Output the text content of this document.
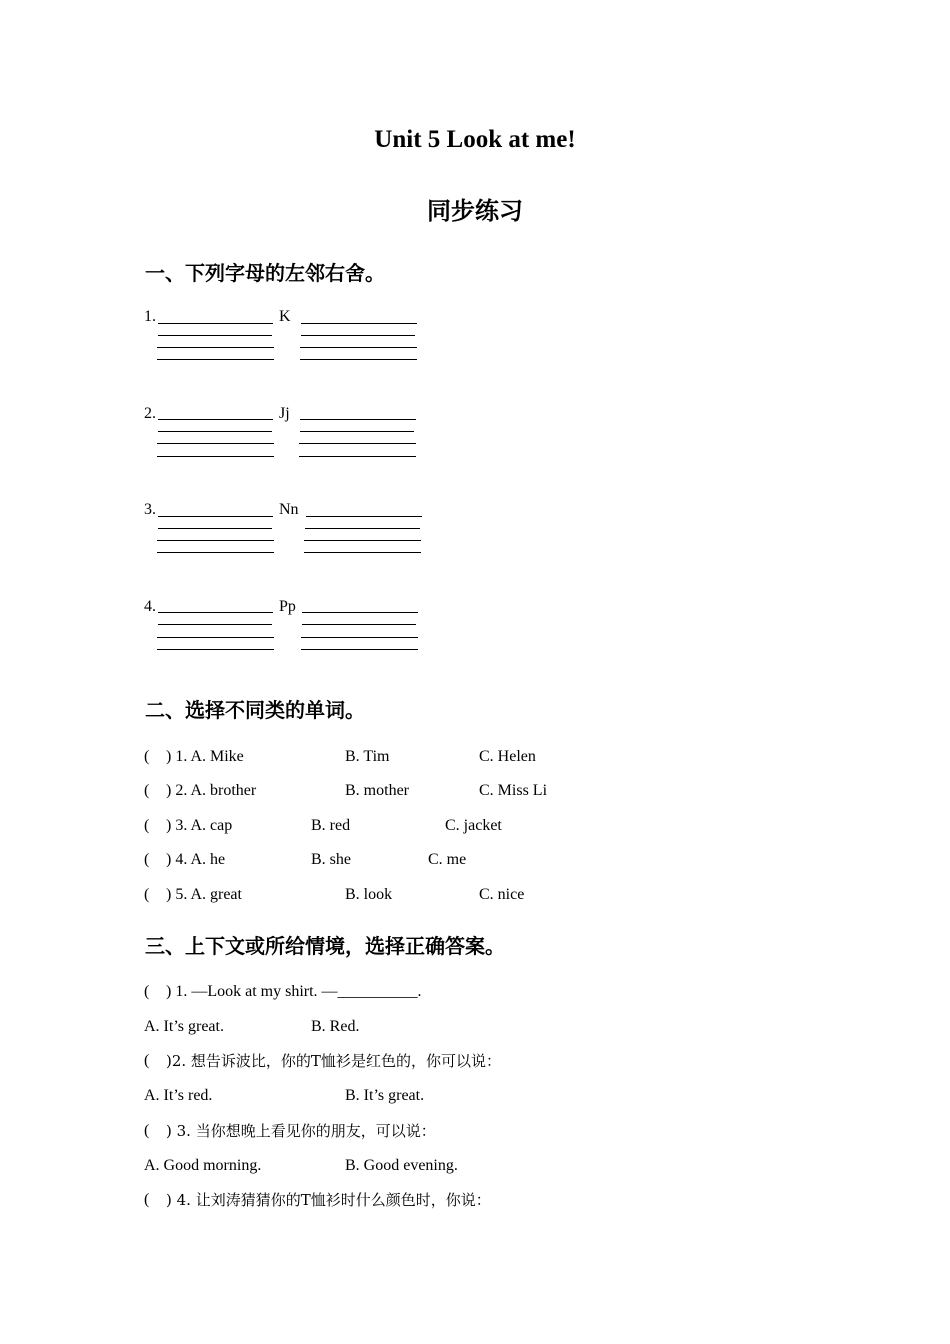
Unit 5 Look at me!
同步练习
一、下列字母的左邻右舍。
1.	K
2.	Jj
3.	Nn
4.	Pp
二、选择不同类的单词。
( ) 1. A. Mike	B. Tim	C. Helen
( ) 2. A. brother	B. mother	C. Miss Li
( ) 3. A. cap	B. red	C. jacket
( ) 4. A. he	B. she	C. me
( ) 5. A. great	B. look	C. nice
三、上下文或所给情境，选择正确答案。
( ) 1. —Look at my shirt. —__________.
A. It’s great.	B. Red.
( )2. 想告诉波比，你的T恤衫是红色的，你可以说：
A. It’s red.	B. It’s great.
( ) 3. 当你想晚上看见你的朋友，可以说：
A. Good morning.	B. Good evening.
( ) 4. 让刘涛猜猜你的T恤衫时什么颜色时，你说：
